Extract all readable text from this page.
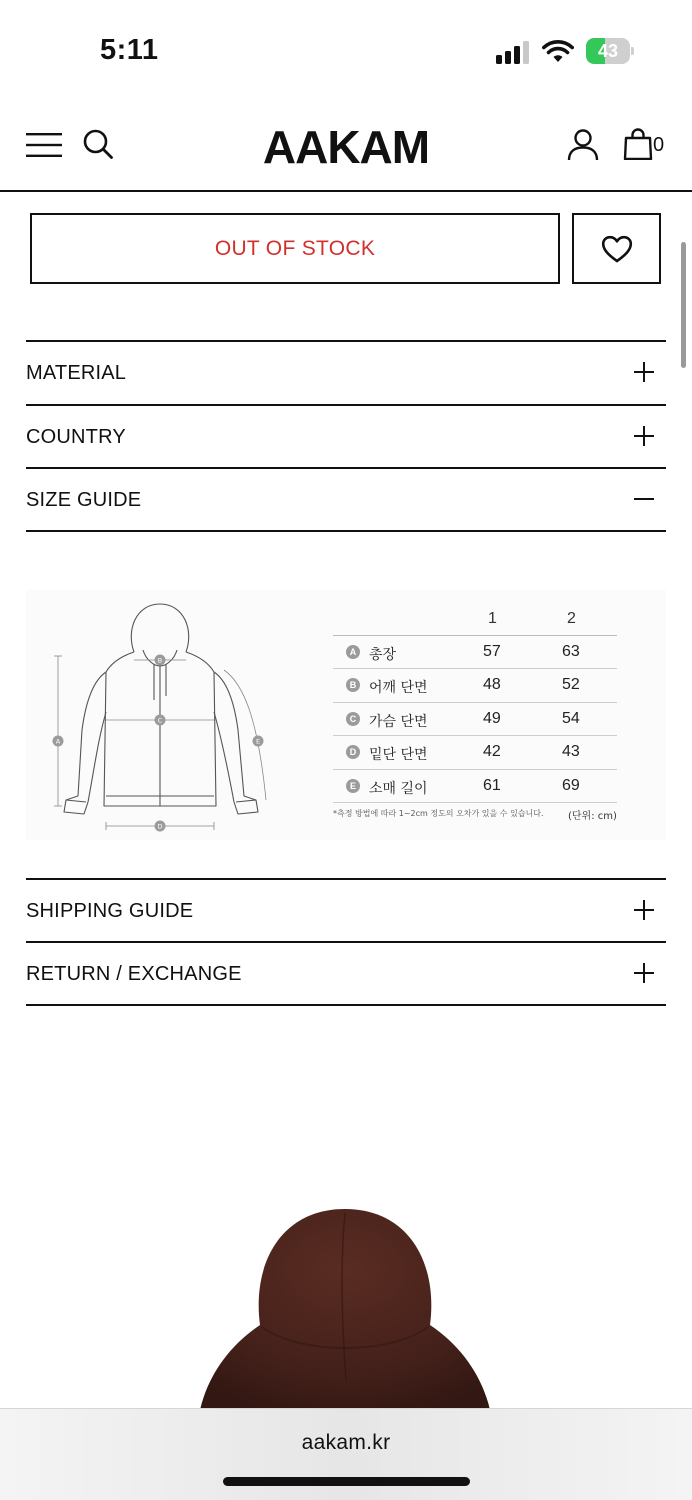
5:11	43
AAKAM	0
OUT OF STOCK
MATERIAL
COUNTRY
SIZE GUIDE
A
B
C
D
E
1	2
A 총장	57	63
B 어깨 단면	48	52
C 가슴 단면	49	54
D 밑단 단면	42	43
E 소매 길이	61	69
*측정 방법에 따라 1~2cm 정도의 오차가 있을 수 있습니다. (단위: cm)
SHIPPING GUIDE
RETURN / EXCHANGE
aakam.kr
